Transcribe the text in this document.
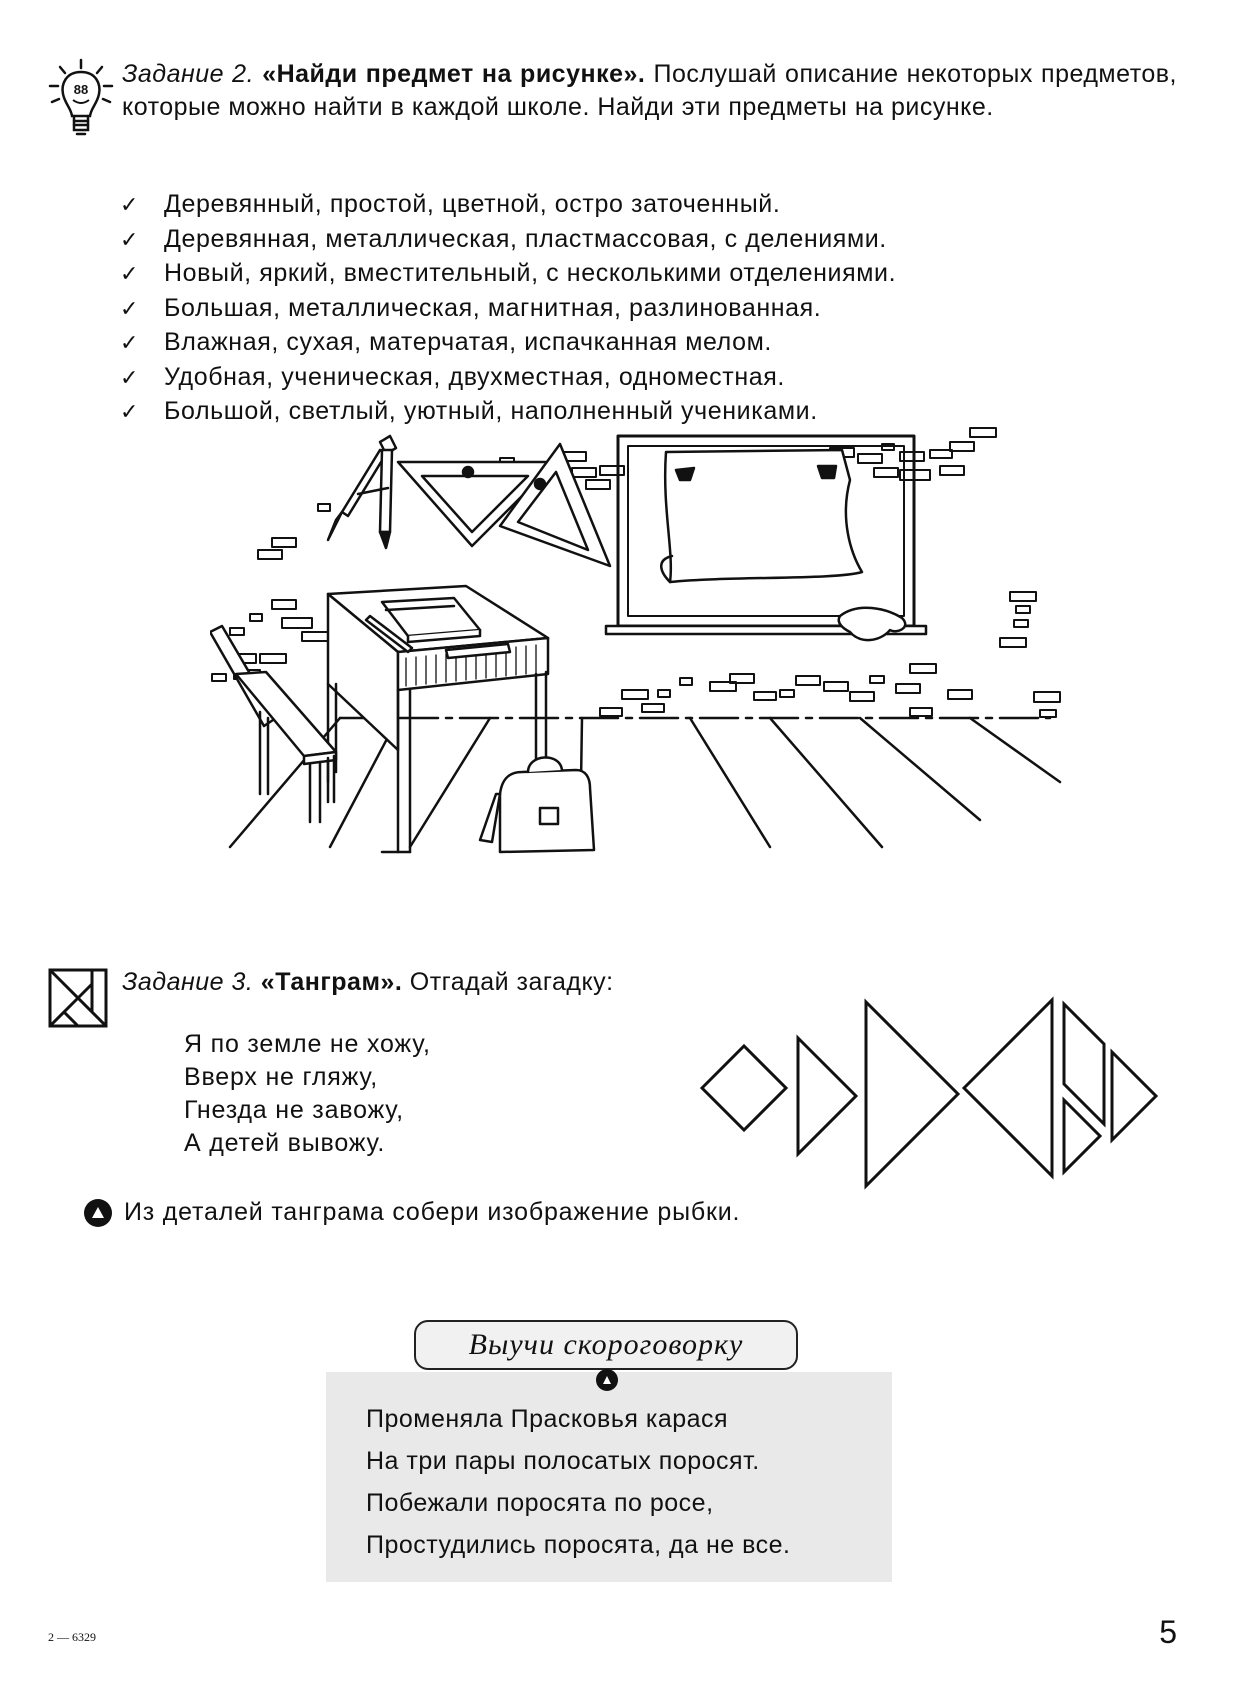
88
Задание 2. «Найди предмет на рисунке». Послушай описание некоторых предметов, которые можно найти в каждой школе. Найди эти предметы на рисунке.
✓ Деревянный, простой, цветной, остро заточенный.
✓ Деревянная, металлическая, пластмассовая, с делениями.
✓ Новый, яркий, вместительный, с несколькими отделениями.
✓ Большая, металлическая, магнитная, разлинованная.
✓ Влажная, сухая, матерчатая, испачканная мелом.
✓ Удобная, ученическая, двухместная, одноместная.
✓ Большой, светлый, уютный, наполненный учениками.
Задание 3. «Танграм». Отгадай загадку:
Я по земле не хожу,
Вверх не гляжу,
Гнезда не завожу,
А детей вывожу.
Из деталей танграма собери изображение рыбки.
Променяла Прасковья карася
На три пары полосатых поросят.
Побежали поросята по росе,
Простудились поросята, да не все.
Выучи скороговорку
2 — 6329	5
